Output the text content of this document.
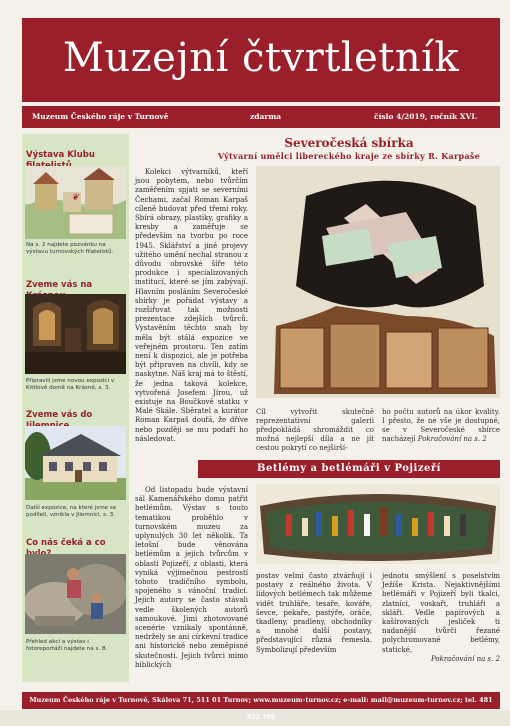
Muzejní čtvrtletník
Muzeum Českého ráje v Turnově	zdarma	číslo 4/2019, ročník XVI.
Výstava Klubu
❦
Na s. 2 najdete pozvánku na výstavu turnovských filatelistů.
Zveme vás na
Připravili jsme novou expozici v Kittlově domě na Krásné, s. 3.
Zveme vás do
Další expozice, na které jsme se podíleli, vznikla v Jilemnici, s. 3.
Co nás čeká a co
Přehled akcí a výstav i fotoreportáží najdete na s. 8.
Severočeská sbírka
Výtvarní umělci libereckého kraje ze sbírky R. Karpaše

Kolekci výtvarníků, kteří jsou pobytem, nebo tvůrčím zaměřením spjati se severními Čechami, začal Roman Karpaš cíleně budovat před třemi roky. Sbírá obrazy, plastiky, grafiky a kresby a zaměřuje se především na tvorbu po roce 1945. Sklářství a jiné projevy užitého umění nechal stranou z důvodu obrovské šíře této produkce i specializovaných institucí, které se jím zabývají. Hlavním posláním Severočeské sbírky je pořádat výstavy a rozšiřovat tak možnosti prezentace zdejších tvůrců. Vystavěním těchto snah by měla být stálá expozice ve veřejném prostoru. Ten zatím není k dispozici, ale je potřeba být připraven na chvíli, kdy se naskytne. Náš kraj má to štěstí, že jedna taková kolekce, vytvořená Josefem Jírou, už existuje na Boučkově statku v Malé Skále. Sběratel a kurátor Roman Karpaš doufá, že dříve nebo později se mu podaří ho následovat.

Cíl vytvořit skutečně reprezentativní galerii předpokládá shromáždit co možná nejlepší díla a ne jít cestou pokrytí co nejširší-
ho počtu autorů na úkor kvality. I přesto, že ne vše je dostupné, se v Severočeské sbírce nacházejí Pokračování na s. 2
Betlémy a betlémáři v Pojizeří

Od listopadu bude výstavní sál Kamenářského domu patřit betlémům. Výstav s touto tematikou proběhlo v turnovském muzeu za uplynulých 30 let několik. Ta letošní bude věnována betlémům a jejich tvůrcům v oblasti Pojizeří, z oblasti, která vyniká výjimečnou pestrostí tohoto tradičního symbolu, spojeného s vánoční tradicí. Jejich autory se často stávali vedle školených autorů samoukové. Jimi zhotovované scenérie vznikaly spontánně, nedržely se ani církevní tradice ani historické nebo zeměpisné skutečnosti. Jejich tvůrci mimo biblických

postav velmi často ztvárňují i postavy z reálného života. V lidových betlémech tak můžeme vidět truhláře, tesaře, kováře, ševce, pekaře, pastýře, oráče, tkadleny, pradleny, obchodníky a mnohé další postavy, představující různá řemesla. Symbolizují především

jednotu smýšlení s poselstvím Ježíše Krista. Nejaktivnějšími betlémáři v Pojizeří byli tkalci, zlatníci, voskaři, truhláři a skláři. Vedle papírových a kašírovaných jesliček ti nadanější tvůrči řezané polychromované betlémy, statické,

Pokračování na s. 2

Muzeum Českého ráje v Turnově, Skálova 71, 511 01 Turnov; www.muzeum-turnov.cz; e-mail: mail@muzeum-turnov.cz; tel. 481 322 106
